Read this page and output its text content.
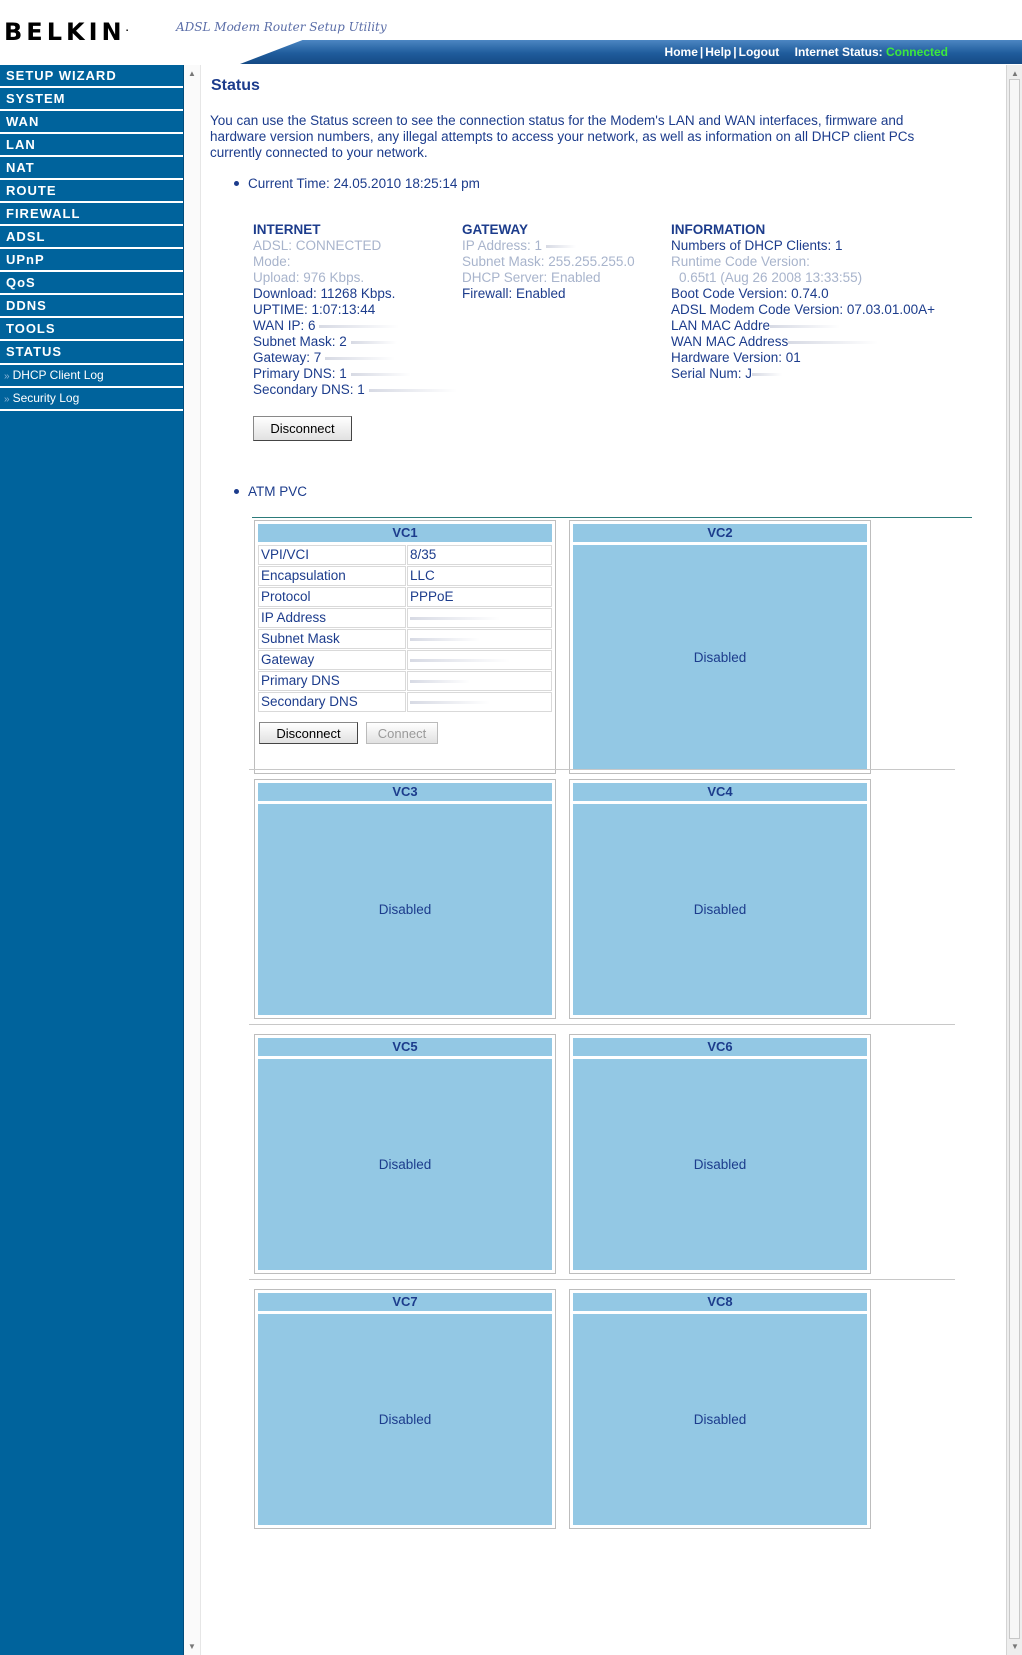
BELKIN.	ADSL Modem Router Setup Utility
Home | Help | Logout Internet Status: Connected
SETUP WIZARD
SYSTEM
WAN
LAN
NAT
ROUTE
FIREWALL
ADSL
UPnP
QoS
DDNS
TOOLS
STATUS
» DHCP Client Log
» Security Log
▲
▼
Status
You can use the Status screen to see the connection status for the Modem's LAN and WAN interfaces, firmware and hardware version numbers, any illegal attempts to access your network, as well as information on all DHCP client PCs currently connected to your network.
Current Time: 24.05.2010 18:25:14 pm
INTERNET
ADSL: CONNECTED
Mode:
Upload: 976 Kbps.
Download: 11268 Kbps.
UPTIME: 1:07:13:44
WAN IP: 6
Subnet Mask: 2
Gateway: 7
Primary DNS: 1
Secondary DNS: 1
GATEWAY
IP Address: 1
Subnet Mask: 255.255.255.0
DHCP Server: Enabled
Firewall: Enabled
INFORMATION
Numbers of DHCP Clients: 1
Runtime Code Version:
0.65t1 (Aug 26 2008 13:33:55)
Boot Code Version: 0.74.0
ADSL Modem Code Version: 07.03.01.00A+
LAN MAC Addre
WAN MAC Address
Hardware Version: 01
Serial Num: J
Disconnect
ATM PVC
VC1
VPI/VCI	8/35
Encapsulation	LLC
Protocol	PPPoE
IP Address
Subnet Mask
Gateway
Primary DNS
Secondary DNS
Disconnect	Connect
VC2
Disabled
VC3
Disabled
VC4
Disabled
VC5
Disabled
VC6
Disabled
VC7
Disabled
VC8
Disabled
▲
▼
